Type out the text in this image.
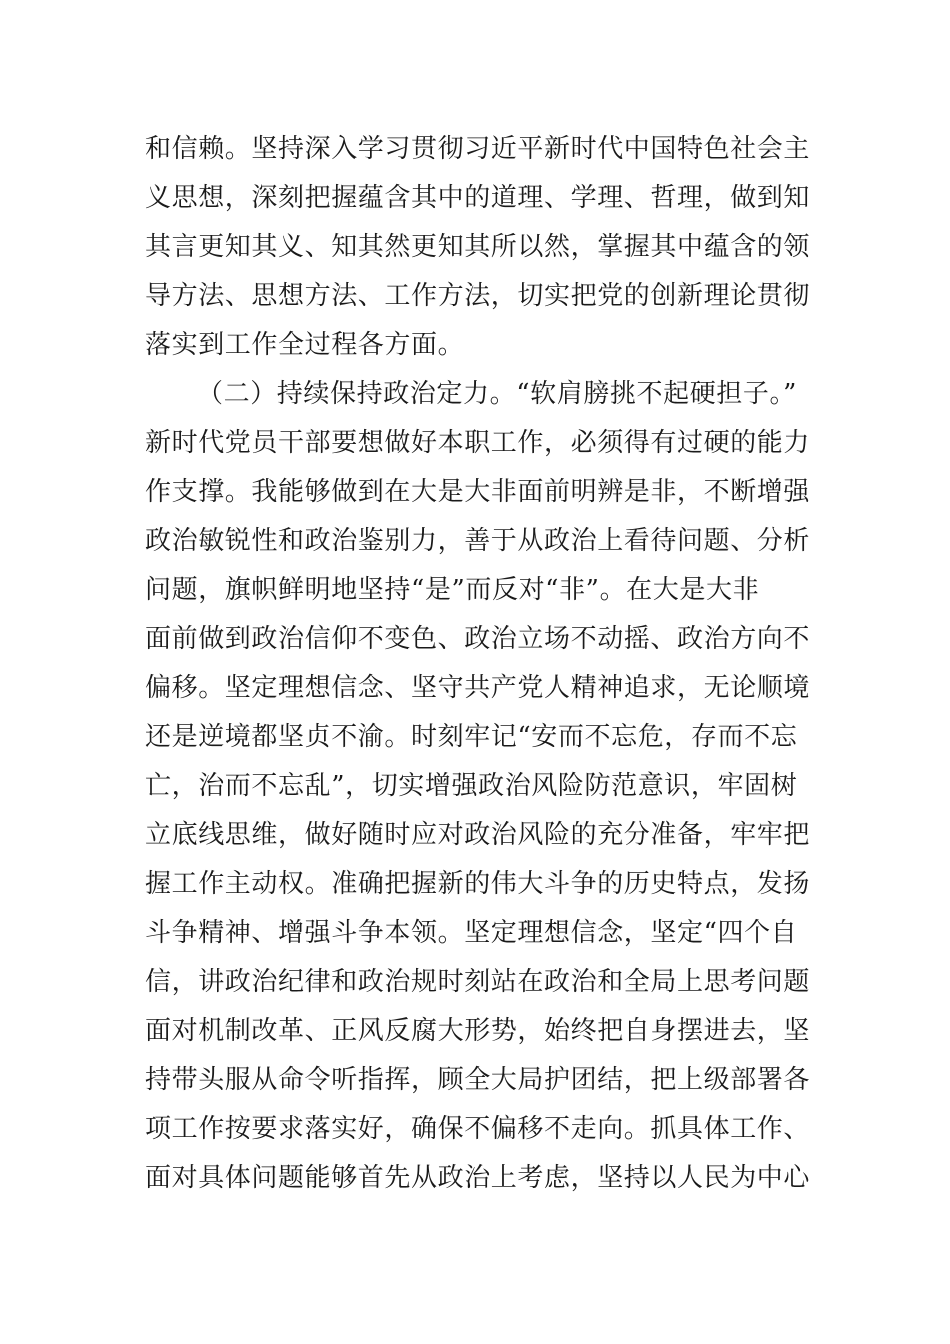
和信赖。坚持深入学习贯彻习近平新时代中国特色社会主
义思想，深刻把握蕴含其中的道理、学理、哲理，做到知
其言更知其义、知其然更知其所以然，掌握其中蕴含的领
导方法、思想方法、工作方法，切实把党的创新理论贯彻
落实到工作全过程各方面。
（二）持续保持政治定力。“软肩膀挑不起硬担子。”
新时代党员干部要想做好本职工作，必须得有过硬的能力
作支撑。我能够做到在大是大非面前明辨是非，不断增强
政治敏锐性和政治鉴别力，善于从政治上看待问题、分析
问题，旗帜鲜明地坚持“是”而反对“非”。在大是大非
面前做到政治信仰不变色、政治立场不动摇、政治方向不
偏移。坚定理想信念、坚守共产党人精神追求，无论顺境
还是逆境都坚贞不渝。时刻牢记“安而不忘危，存而不忘
亡，治而不忘乱”，切实增强政治风险防范意识，牢固树
立底线思维，做好随时应对政治风险的充分准备，牢牢把
握工作主动权。准确把握新的伟大斗争的历史特点，发扬
斗争精神、增强斗争本领。坚定理想信念，坚定“四个自
信，讲政治纪律和政治规时刻站在政治和全局上思考问题
面对机制改革、正风反腐大形势，始终把自身摆进去，坚
持带头服从命令听指挥，顾全大局护团结，把上级部署各
项工作按要求落实好，确保不偏移不走向。抓具体工作、
面对具体问题能够首先从政治上考虑，坚持以人民为中心
